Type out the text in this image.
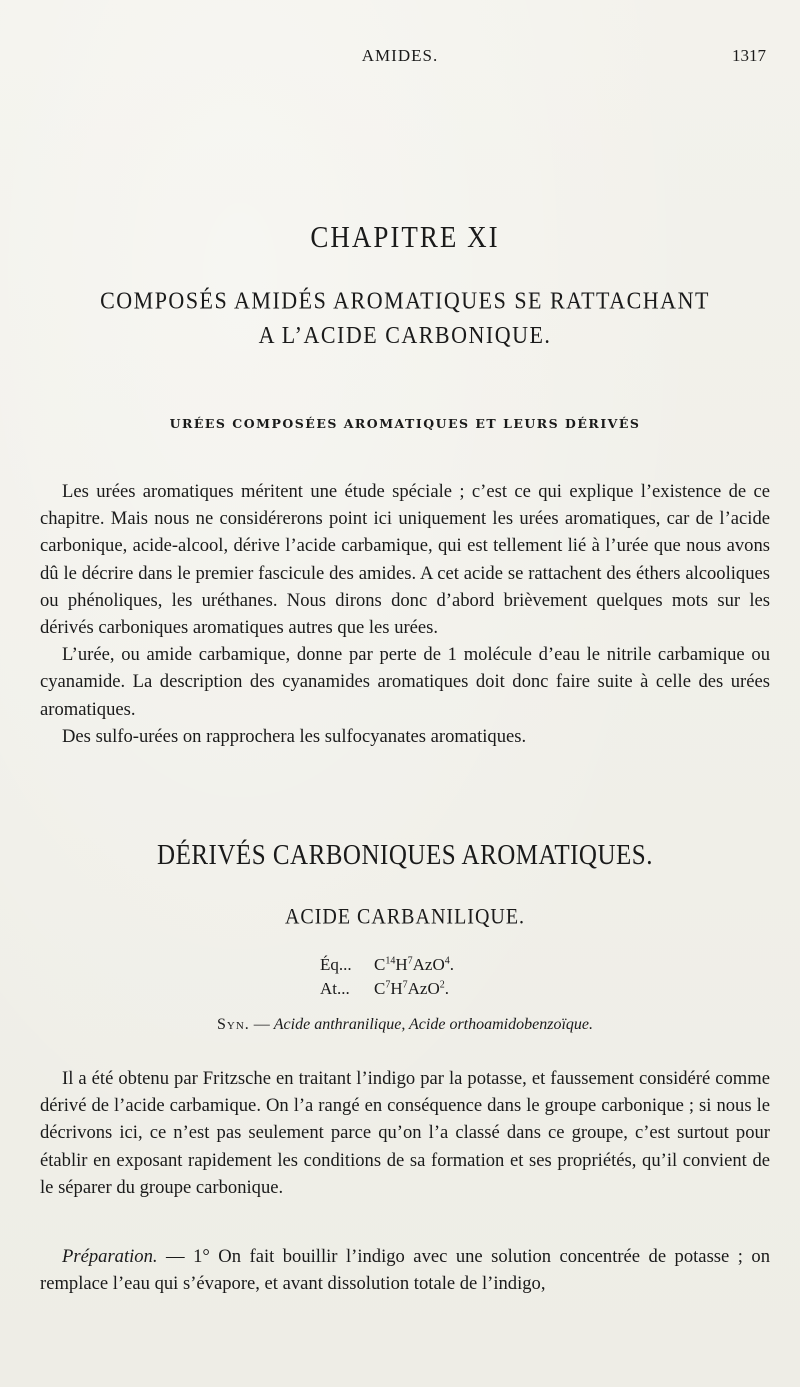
AMIDES.	1317
CHAPITRE XI
COMPOSÉS AMIDÉS AROMATIQUES SE RATTACHANT
A L’ACIDE CARBONIQUE.
URÉES COMPOSÉES AROMATIQUES ET LEURS DÉRIVÉS

Les urées aromatiques méritent une étude spéciale ; c’est ce qui explique l’existence de ce chapitre. Mais nous ne considérerons point ici uniquement les urées aromatiques, car de l’acide carbonique, acide-alcool, dérive l’acide carbamique, qui est tellement lié à l’urée que nous avons dû le décrire dans le premier fascicule des amides. A cet acide se rattachent des éthers alcooliques ou phénoliques, les uréthanes. Nous dirons donc d’abord brièvement quelques mots sur les dérivés carboniques aromatiques autres que les urées.

L’urée, ou amide carbamique, donne par perte de 1 molécule d’eau le nitrile carbamique ou cyanamide. La description des cyanamides aromatiques doit donc faire suite à celle des urées aromatiques.

Des sulfo-urées on rapprochera les sulfocyanates aromatiques.

DÉRIVÉS CARBONIQUES AROMATIQUES.
ACIDE CARBANILIQUE.
Éq... $C^{14}H^7AzO^4$.
At... $C^7H^7AzO^2$.
Syn. — Acide anthranilique, Acide orthoamidobenzoïque.

Il a été obtenu par Fritzsche en traitant l’indigo par la potasse, et faussement considéré comme dérivé de l’acide carbamique. On l’a rangé en conséquence dans le groupe carbonique ; si nous le décrivons ici, ce n’est pas seulement parce qu’on l’a classé dans ce groupe, c’est surtout pour établir en exposant rapidement les conditions de sa formation et ses propriétés, qu’il convient de le séparer du groupe carbonique.

Préparation. — 1° On fait bouillir l’indigo avec une solution concentrée de potasse ; on remplace l’eau qui s’évapore, et avant dissolution totale de l’indigo,
